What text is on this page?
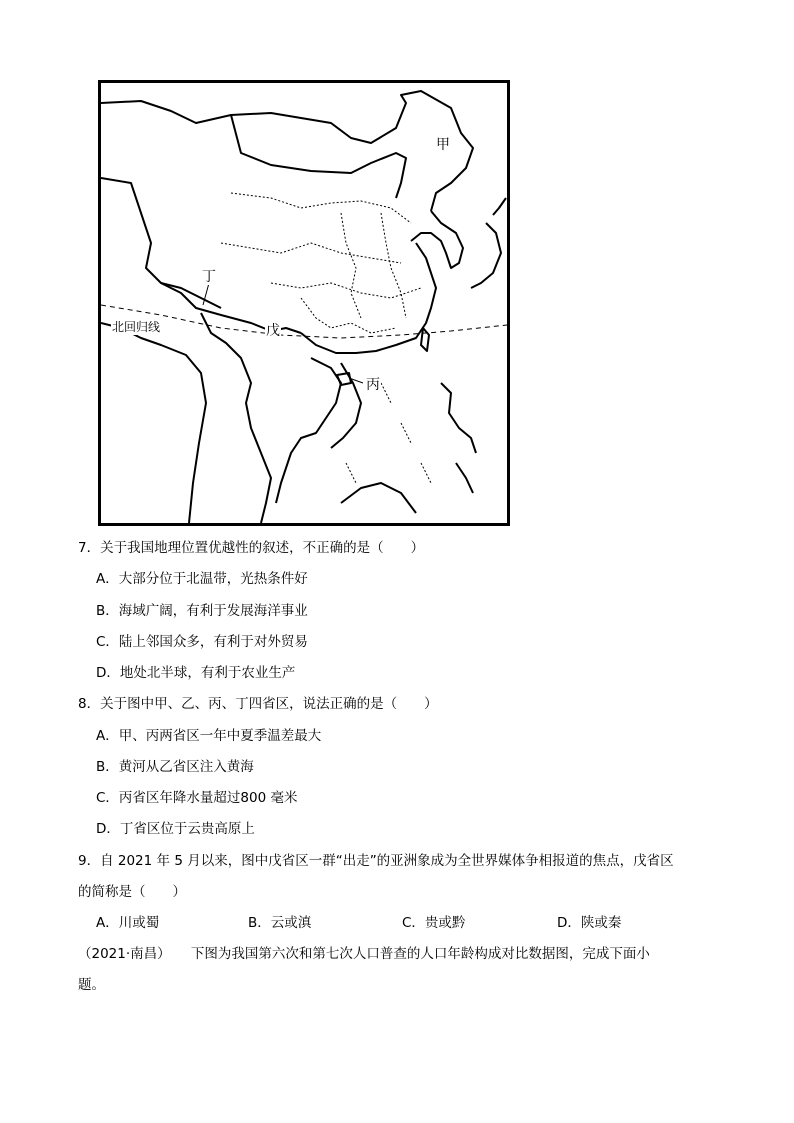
甲
丁
戊
丙
北回归线
7．关于我国地理位置优越性的叙述，不正确的是（　　）
A．大部分位于北温带，光热条件好
B．海域广阔，有利于发展海洋事业
C．陆上邻国众多，有利于对外贸易
D．地处北半球，有利于农业生产
8．关于图中甲、乙、丙、丁四省区，说法正确的是（　　）
A．甲、丙两省区一年中夏季温差最大
B．黄河从乙省区注入黄海
C．丙省区年降水量超过800 毫米
D．丁省区位于云贵高原上
9．自 2021 年 5 月以来，图中戊省区一群“出走”的亚洲象成为全世界媒体争相报道的焦点，戊省区
的简称是（　　）
A．川或蜀	B．云或滇	C．贵或黔	D．陕或秦
（2021·南昌）　　下图为我国第六次和第七次人口普查的人口年龄构成对比数据图，完成下面小
题。
